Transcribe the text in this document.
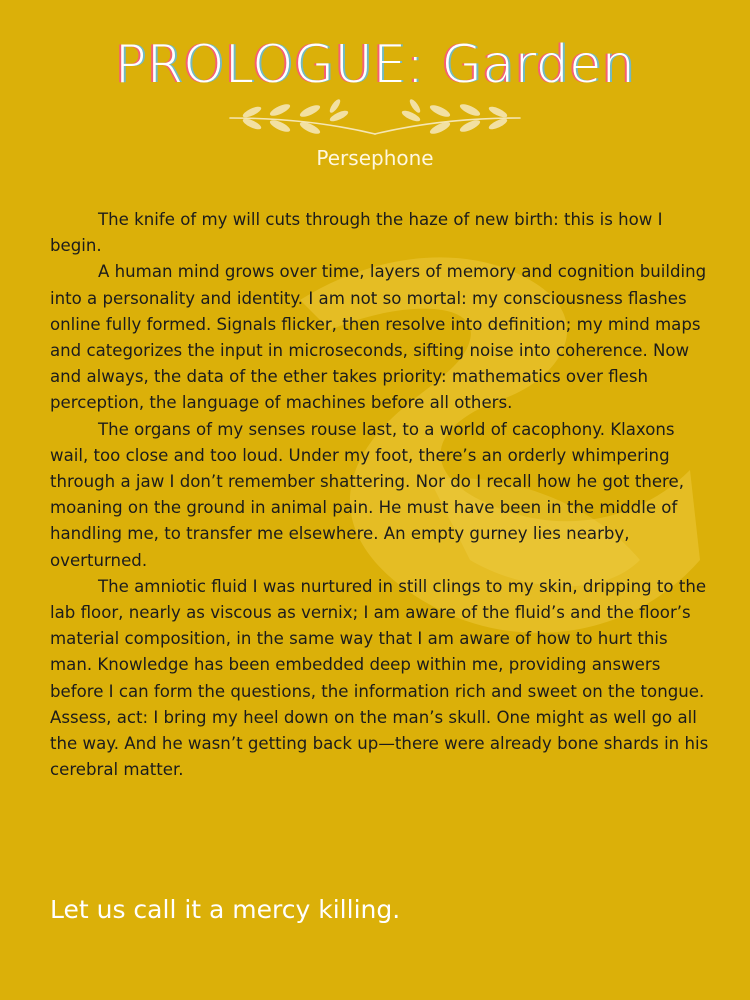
PROLOGUE: Garden

Persephone

The knife of my will cuts through the haze of new birth: this is how I begin.

A human mind grows over time, layers of memory and cognition building into a personality and identity. I am not so mortal: my consciousness flashes online fully formed. Signals flicker, then resolve into definition; my mind maps and categorizes the input in microseconds, sifting noise into coherence. Now and always, the data of the ether takes priority: mathematics over flesh perception, the language of machines before all others.

The organs of my senses rouse last, to a world of cacophony. Klaxons wail, too close and too loud. Under my foot, there’s an orderly whimpering through a jaw I don’t remember shattering. Nor do I recall how he got there, moaning on the ground in animal pain. He must have been in the middle of handling me, to transfer me elsewhere. An empty gurney lies nearby, overturned.

The amniotic fluid I was nurtured in still clings to my skin, dripping to the lab floor, nearly as viscous as vernix; I am aware of the fluid’s and the floor’s material composition, in the same way that I am aware of how to hurt this man. Knowledge has been embedded deep within me, providing answers before I can form the questions, the information rich and sweet on the tongue. Assess, act: I bring my heel down on the man’s skull. One might as well go all the way. And he wasn’t getting back up—there were already bone shards in his cerebral matter.

Let us call it a mercy killing.
